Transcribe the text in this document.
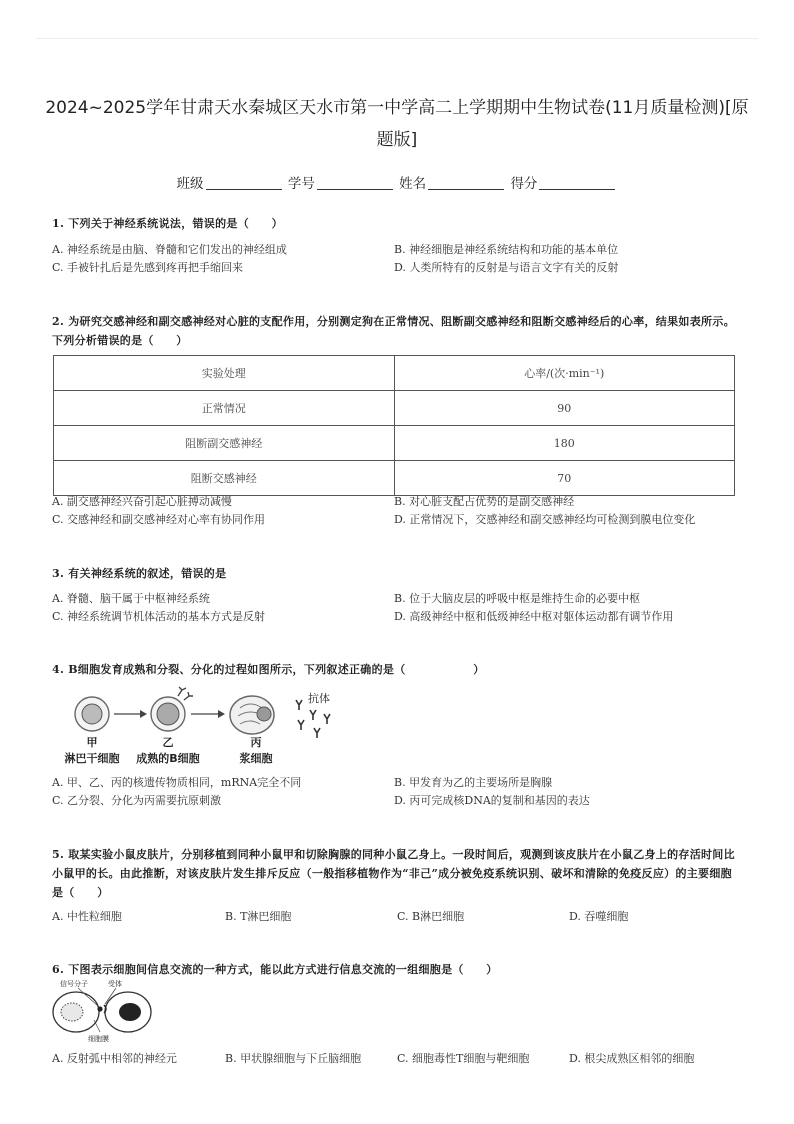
2024~2025学年甘肃天水秦城区天水市第一中学高二上学期期中生物试卷(11月质量检测)[原题版]
班级	学号	姓名	得分
1. 下列关于神经系统说法，错误的是（　　）
A. 神经系统是由脑、脊髓和它们发出的神经组成	B. 神经细胞是神经系统结构和功能的基本单位
C. 手被针扎后是先感到疼再把手缩回来	D. 人类所特有的反射是与语言文字有关的反射
2. 为研究交感神经和副交感神经对心脏的支配作用，分别测定狗在正常情况、阻断副交感神经和阻断交感神经后的心率，结果如表所示。下列分析错误的是（　　）
实验处理	心率/(次·min⁻¹)
正常情况	90
阻断副交感神经	180
阻断交感神经	70
A. 副交感神经兴奋引起心脏搏动减慢	B. 对心脏支配占优势的是副交感神经
C. 交感神经和副交感神经对心率有协同作用	D. 正常情况下，交感神经和副交感神经均可检测到膜电位变化
3. 有关神经系统的叙述，错误的是
A. 脊髓、脑干属于中枢神经系统	B. 位于大脑皮层的呼吸中枢是维持生命的必要中枢
C. 神经系统调节机体活动的基本方式是反射	D. 高级神经中枢和低级神经中枢对躯体运动都有调节作用
4. B细胞发育成熟和分裂、分化的过程如图所示，下列叙述正确的是（　　　　　　）
抗体
甲
淋巴干细胞
乙
成熟的B细胞
丙
浆细胞
A. 甲、乙、丙的核遗传物质相同，mRNA完全不同	B. 甲发育为乙的主要场所是胸腺
C. 乙分裂、分化为丙需要抗原刺激	D. 丙可完成核DNA的复制和基因的表达
5. 取某实验小鼠皮肤片，分别移植到同种小鼠甲和切除胸腺的同种小鼠乙身上。一段时间后，观测到该皮肤片在小鼠乙身上的存活时间比小鼠甲的长。由此推断，对该皮肤片发生排斥反应（一般指移植物作为“非己”成分被免疫系统识别、破坏和清除的免疫反应）的主要细胞是（　　）
A. 中性粒细胞	B. T淋巴细胞	C. B淋巴细胞	D. 吞噬细胞
6. 下图表示细胞间信息交流的一种方式，能以此方式进行信息交流的一组细胞是（　　）
信号分子	受体
细胞膜
A. 反射弧中相邻的神经元	B. 甲状腺细胞与下丘脑细胞	C. 细胞毒性T细胞与靶细胞	D. 根尖成熟区相邻的细胞
